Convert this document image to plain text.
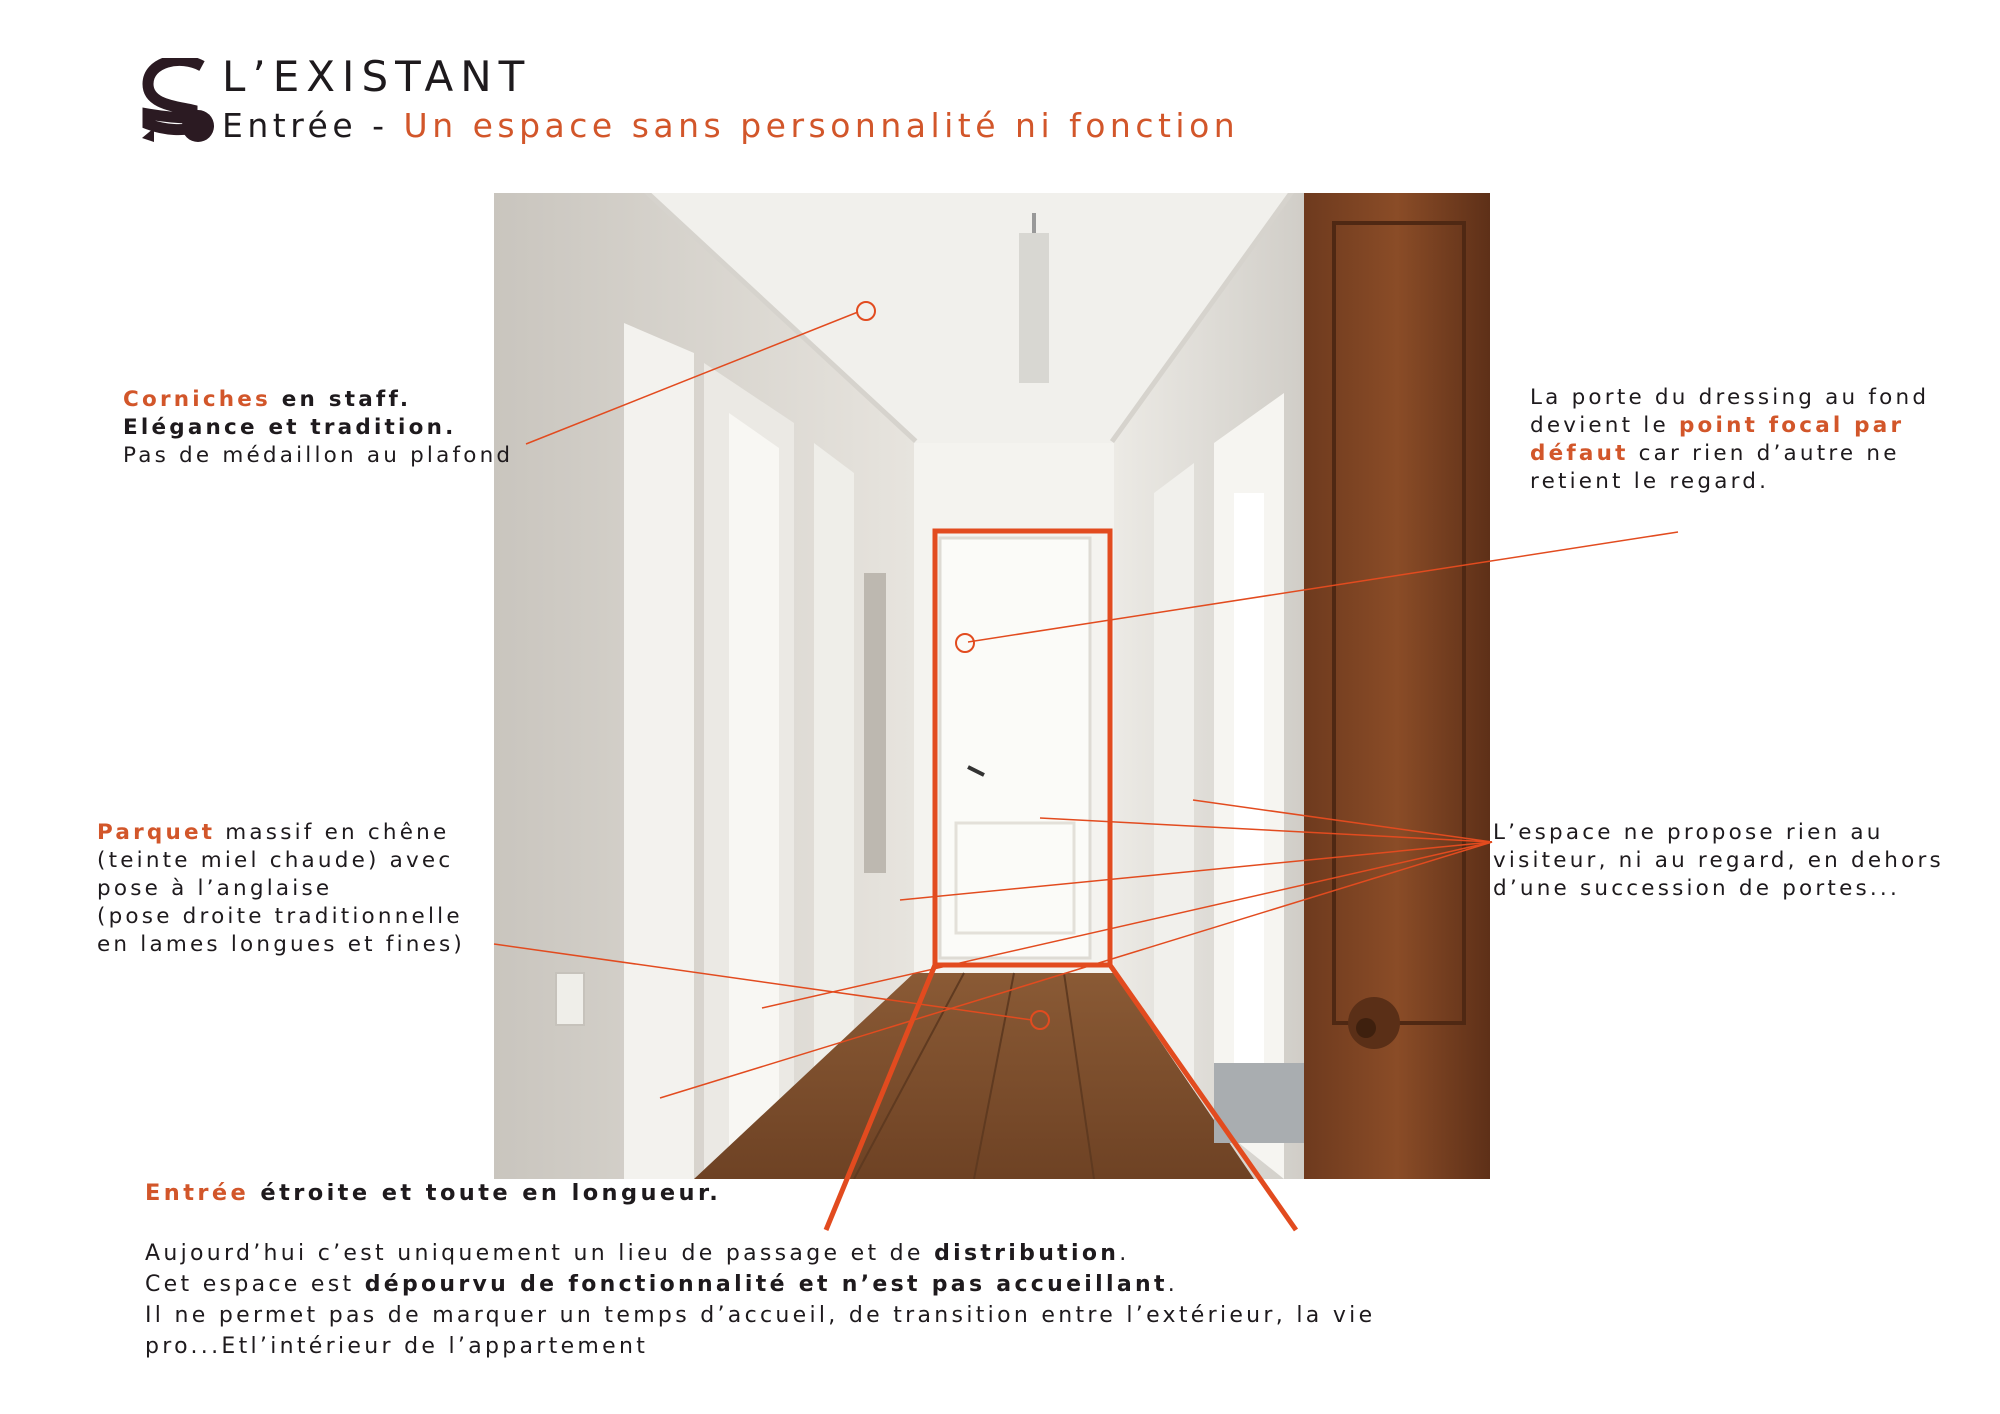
L’EXISTANT
Entrée - Un espace sans personnalité ni fonction
Corniches en staff.
Elégance et tradition.
Pas de médaillon au plafond
La porte du dressing au fond devient le point focal par défaut car rien d’autre ne retient le regard.
Parquet massif en chêne (teinte miel chaude) avec pose à l’anglaise
(pose droite traditionnelle en lames longues et fines)
L’espace ne propose rien au visiteur, ni au regard, en dehors d’une succession de portes...
Entrée étroite et toute en longueur.
Aujourd’hui c’est uniquement un lieu de passage et de distribution.
Cet espace est dépourvu de fonctionnalité et n’est pas accueillant.
Il ne permet pas de marquer un temps d’accueil, de transition entre l’extérieur, la vie
pro...Etl’intérieur de l’appartement
